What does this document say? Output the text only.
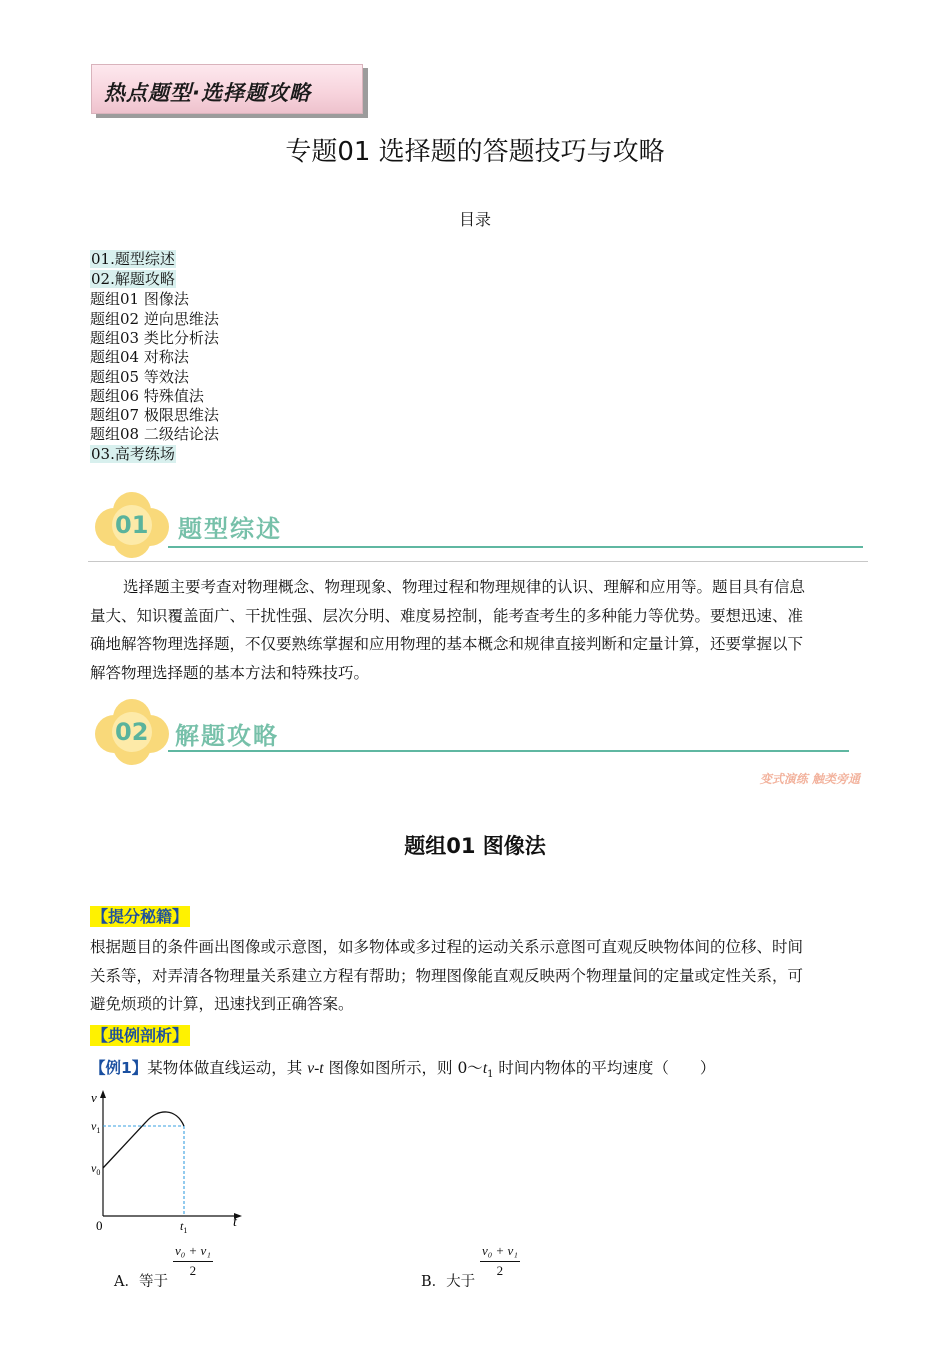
热点题型·选择题攻略
专题01 选择题的答题技巧与攻略
目录
01.题型综述
02.解题攻略
题组01 图像法
题组02 逆向思维法
题组03 类比分析法
题组04 对称法
题组05 等效法
题组06 特殊值法
题组07 极限思维法
题组08 二级结论法
03.高考练场
01 题型综述
选择题主要考查对物理概念、物理现象、物理过程和物理规律的认识、理解和应用等。题目具有信息
量大、知识覆盖面广、干扰性强、层次分明、难度易控制，能考查考生的多种能力等优势。要想迅速、准
确地解答物理选择题，不仅要熟练掌握和应用物理的基本概念和规律直接判断和定量计算，还要掌握以下
解答物理选择题的基本方法和特殊技巧。
02 解题攻略
变式演练 触类旁通
题组01 图像法
【提分秘籍】
根据题目的条件画出图像或示意图，如多物体或多过程的运动关系示意图可直观反映物体间的位移、时间
关系等，对弄清各物理量关系建立方程有帮助；物理图像能直观反映两个物理量间的定量或定性关系，可
避免烦琐的计算，迅速找到正确答案。
【典例剖析】
【例1】某物体做直线运动，其 v-t 图像如图所示，则 $0\sim t_1$ 时间内物体的平均速度（　　）
v
$v_1$
$v_0$
0	$t_1$
t
A．等于
$\frac{\text{v₀ + v₁}}{2}$
B．大于
$\frac{\text{v₀ + v₁}}{2}$
